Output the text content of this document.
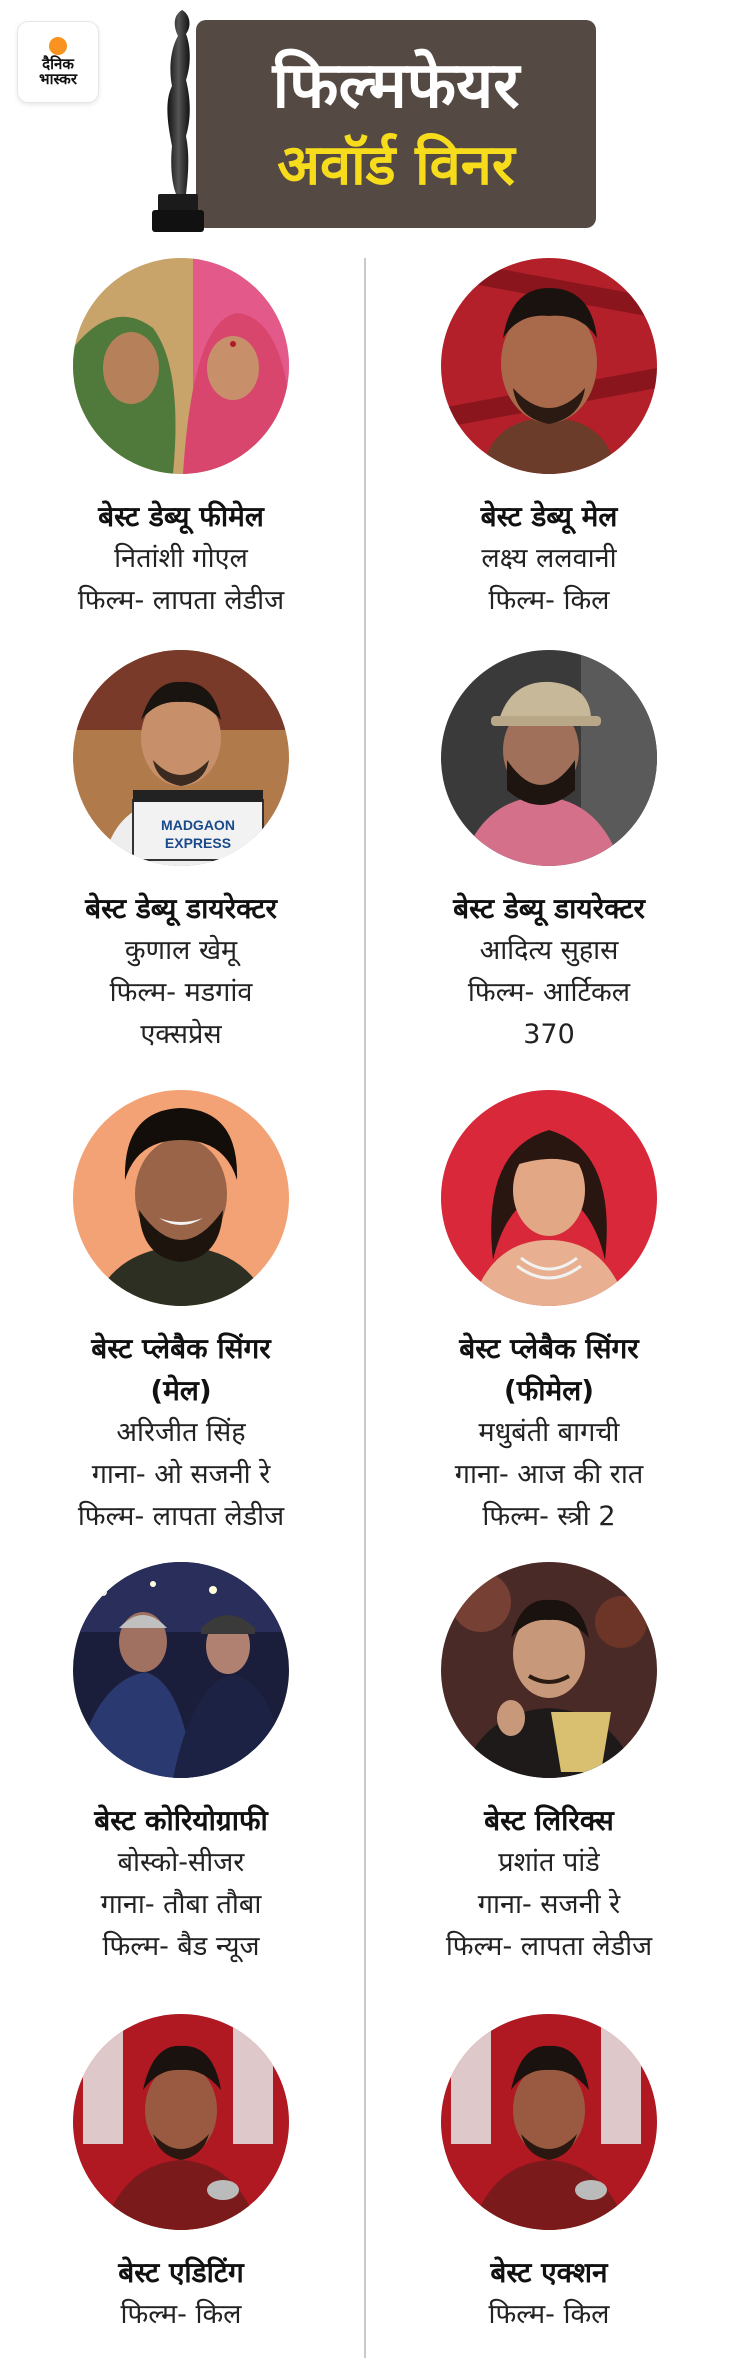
दैनिक
भास्कर	फिल्मफेयर
अवॉर्ड विनर
बेस्ट डेब्यू फीमेल
नितांशी गोएल
फिल्म- लापता लेडीज
बेस्ट डेब्यू मेल
लक्ष्य ललवानी
फिल्म- किल
MADGAON
EXPRESS
बेस्ट डेब्यू डायरेक्टर
कुणाल खेमू
फिल्म- मडगांव
एक्सप्रेस
बेस्ट डेब्यू डायरेक्टर
आदित्य सुहास
फिल्म- आर्टिकल
370
बेस्ट प्लेबैक सिंगर
(मेल)
अरिजीत सिंह
गाना- ओ सजनी रे
फिल्म- लापता लेडीज
बेस्ट प्लेबैक सिंगर
(फीमेल)
मधुबंती बागची
गाना- आज की रात
फिल्म- स्त्री 2
बेस्ट कोरियोग्राफी
बोस्को-सीजर
गाना- तौबा तौबा
फिल्म- बैड न्यूज
बेस्ट लिरिक्स
प्रशांत पांडे
गाना- सजनी रे
फिल्म- लापता लेडीज
बेस्ट एडिटिंग
फिल्म- किल
बेस्ट एक्शन
फिल्म- किल
